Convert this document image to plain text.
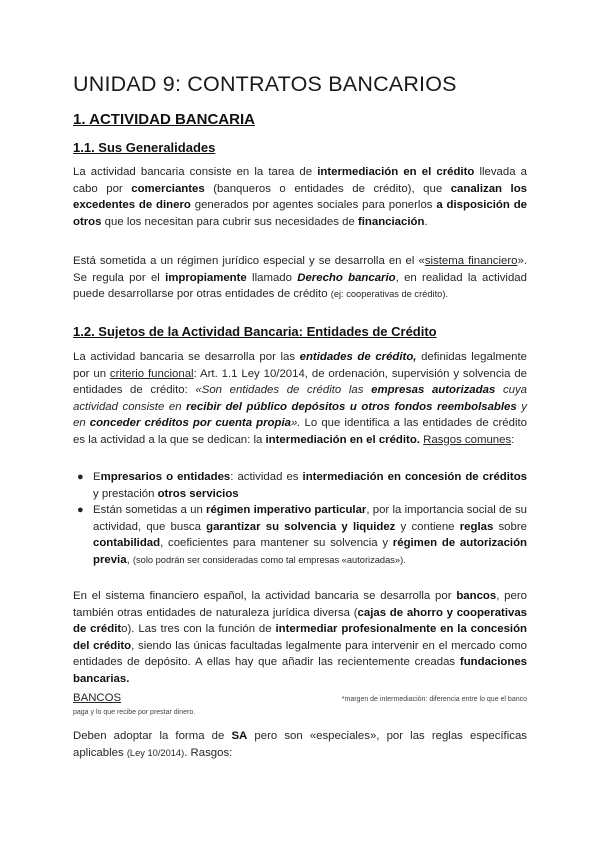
UNIDAD 9: CONTRATOS BANCARIOS
1. ACTIVIDAD BANCARIA
1.1. Sus Generalidades
La actividad bancaria consiste en la tarea de intermediación en el crédito llevada a cabo por comerciantes (banqueros o entidades de crédito), que canalizan los excedentes de dinero generados por agentes sociales para ponerlos a disposición de otros que los necesitan para cubrir sus necesidades de financiación.
Está sometida a un régimen jurídico especial y se desarrolla en el «sistema financiero». Se regula por el impropiamente llamado Derecho bancario, en realidad la actividad puede desarrollarse por otras entidades de crédito (ej: cooperativas de crédito).
1.2. Sujetos de la Actividad Bancaria: Entidades de Crédito
La actividad bancaria se desarrolla por las entidades de crédito, definidas legalmente por un criterio funcional: Art. 1.1 Ley 10/2014, de ordenación, supervisión y solvencia de entidades de crédito: «Son entidades de crédito las empresas autorizadas cuya actividad consiste en recibir del público depósitos u otros fondos reembolsables y en conceder créditos por cuenta propia». Lo que identifica a las entidades de crédito es la actividad a la que se dedican: la intermediación en el crédito. Rasgos comunes:
● Empresarios o entidades: actividad es intermediación en concesión de créditos y prestación otros servicios
● Están sometidas a un régimen imperativo particular, por la importancia social de su actividad, que busca garantizar su solvencia y liquidez y contiene reglas sobre contabilidad, coeficientes para mantener su solvencia y régimen de autorización previa, (solo podrán ser consideradas como tal empresas «autorizadas»).
En el sistema financiero español, la actividad bancaria se desarrolla por bancos, pero también otras entidades de naturaleza jurídica diversa (cajas de ahorro y cooperativas de crédito). Las tres con la función de intermediar profesionalmente en la concesión del crédito, siendo las únicas facultadas legalmente para intervenir en el mercado como entidades de depósito. A ellas hay que añadir las recientemente creadas fundaciones bancarias.
BANCOS	*margen de intermediación: diferencia entre lo que el banco
paga y lo que recibe por prestar dinero.
Deben adoptar la forma de SA pero son «especiales», por las reglas específicas aplicables (Ley 10/2014). Rasgos:
